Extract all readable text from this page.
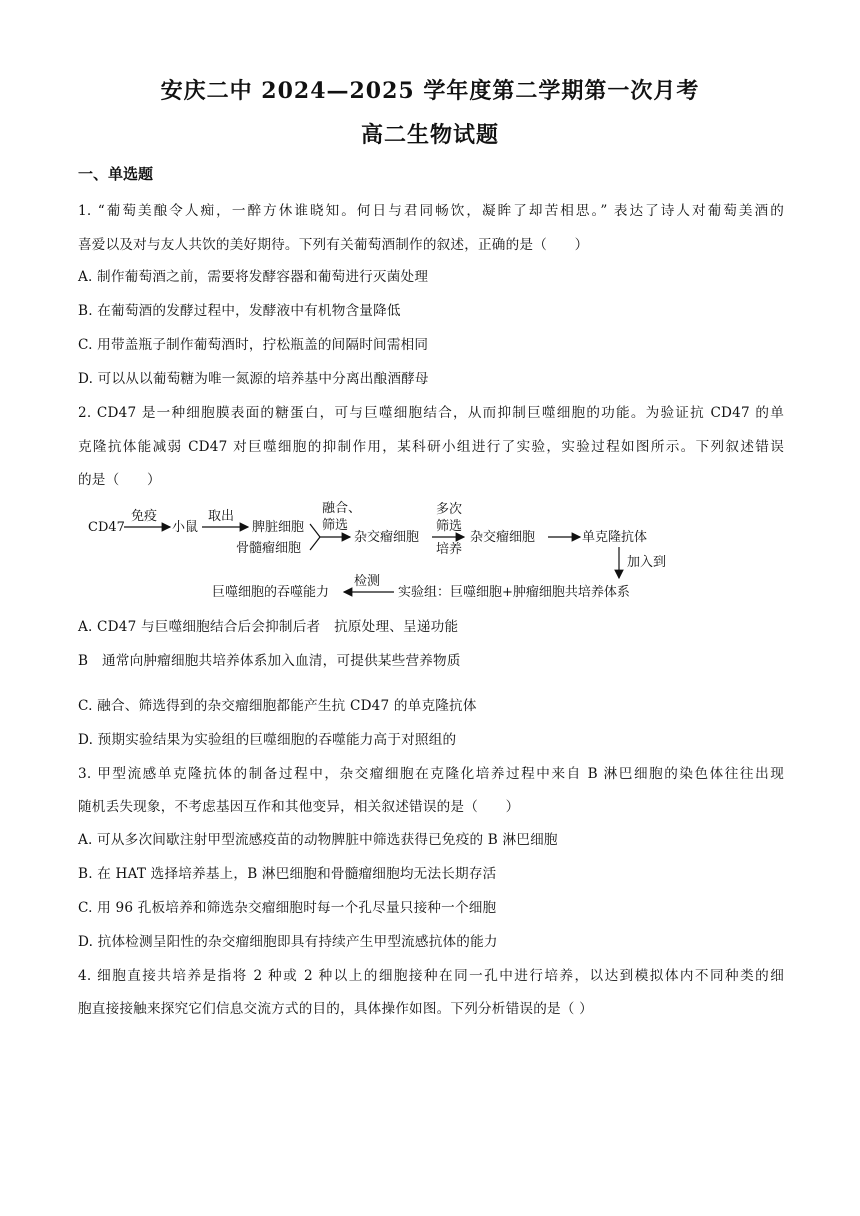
安庆二中 2024—2025 学年度第二学期第一次月考
高二生物试题
一、单选题
1. “葡萄美酿令人痴，一醉方休谁晓知。何日与君同畅饮，凝眸了却苦相思。” 表达了诗人对葡萄美酒的
喜爱以及对与友人共饮的美好期待。下列有关葡萄酒制作的叙述，正确的是（　　）
A. 制作葡萄酒之前，需要将发酵容器和葡萄进行灭菌处理
B. 在葡萄酒的发酵过程中，发酵液中有机物含量降低
C. 用带盖瓶子制作葡萄酒时，拧松瓶盖的间隔时间需相同
D. 可以从以葡萄糖为唯一氮源的培养基中分离出酿酒酵母
2. CD47 是一种细胞膜表面的糖蛋白，可与巨噬细胞结合，从而抑制巨噬细胞的功能。为验证抗 CD47 的单
克隆抗体能减弱 CD47 对巨噬细胞的抑制作用，某科研小组进行了实验，实验过程如图所示。下列叙述错误
的是（　　）
CD47
免疫
小鼠
取出
脾脏细胞
骨髓瘤细胞
融合、
筛选
杂交瘤细胞
多次
筛选
培养
杂交瘤细胞	单克隆抗体
加入到
实验组：巨噬细胞+肿瘤细胞共培养体系
检测
巨噬细胞的吞噬能力
A. CD47 与巨噬细胞结合后会抑制后者　抗原处理、呈递功能
B　通常向肿瘤细胞共培养体系加入血清，可提供某些营养物质
C. 融合、筛选得到的杂交瘤细胞都能产生抗 CD47 的单克隆抗体
D. 预期实验结果为实验组的巨噬细胞的吞噬能力高于对照组的
3. 甲型流感单克隆抗体的制备过程中，杂交瘤细胞在克隆化培养过程中来自 B 淋巴细胞的染色体往往出现
随机丢失现象，不考虑基因互作和其他变异，相关叙述错误的是（　　）
A. 可从多次间歇注射甲型流感疫苗的动物脾脏中筛选获得已免疫的 B 淋巴细胞
B. 在 HAT 选择培养基上，B 淋巴细胞和骨髓瘤细胞均无法长期存活
C. 用 96 孔板培养和筛选杂交瘤细胞时每一个孔尽量只接种一个细胞
D. 抗体检测呈阳性的杂交瘤细胞即具有持续产生甲型流感抗体的能力
4. 细胞直接共培养是指将 2 种或 2 种以上的细胞接种在同一孔中进行培养，以达到模拟体内不同种类的细
胞直接接触来探究它们信息交流方式的目的，具体操作如图。下列分析错误的是（ ）
